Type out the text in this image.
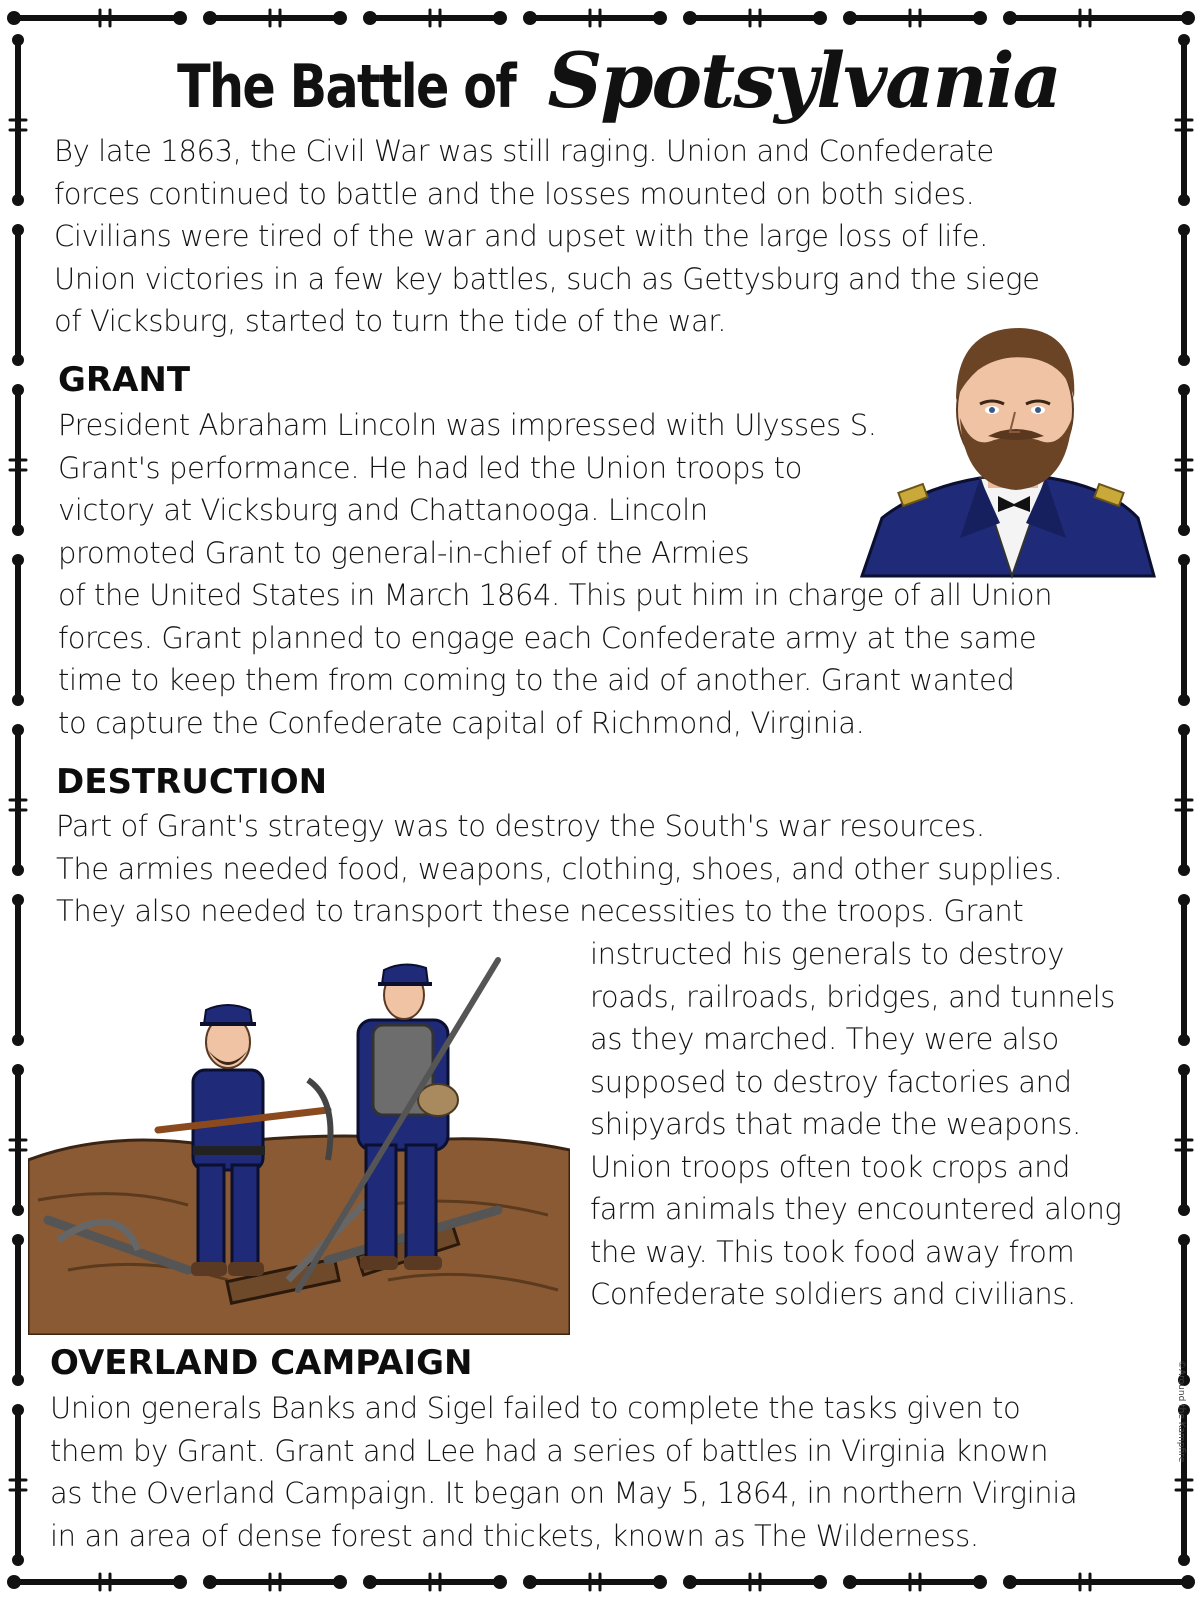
The Battle of Spotsylvania
By late 1863, the Civil War was still raging. Union and Confederate
forces continued to battle and the losses mounted on both sides.
Civilians were tired of the war and upset with the large loss of life.
Union victories in a few key battles, such as Gettysburg and the siege
of Vicksburg, started to turn the tide of the war.
GRANT
President Abraham Lincoln was impressed with Ulysses S.
Grant's performance. He had led the Union troops to
victory at Vicksburg and Chattanooga. Lincoln
promoted Grant to general-in-chief of the Armies
of the United States in March 1864. This put him in charge of all Union
forces. Grant planned to engage each Confederate army at the same
time to keep them from coming to the aid of another. Grant wanted
to capture the Confederate capital of Richmond, Virginia.
DESTRUCTION
Part of Grant's strategy was to destroy the South's war resources.
The armies needed food, weapons, clothing, shoes, and other supplies.
They also needed to transport these necessities to the troops. Grant
instructed his generals to destroy
roads, railroads, bridges, and tunnels
as they marched. They were also
supposed to destroy factories and
shipyards that made the weapons.
Union troops often took crops and
farm animals they encountered along
the way. This took food away from
Confederate soldiers and civilians.
OVERLAND CAMPAIGN
Union generals Banks and Sigel failed to complete the tasks given to
them by Grant. Grant and Lee had a series of battles in Virginia known
as the Overland Campaign. It began on May 5, 1864, in northern Virginia
in an area of dense forest and thickets, known as The Wilderness.
©Around the Kampfire
